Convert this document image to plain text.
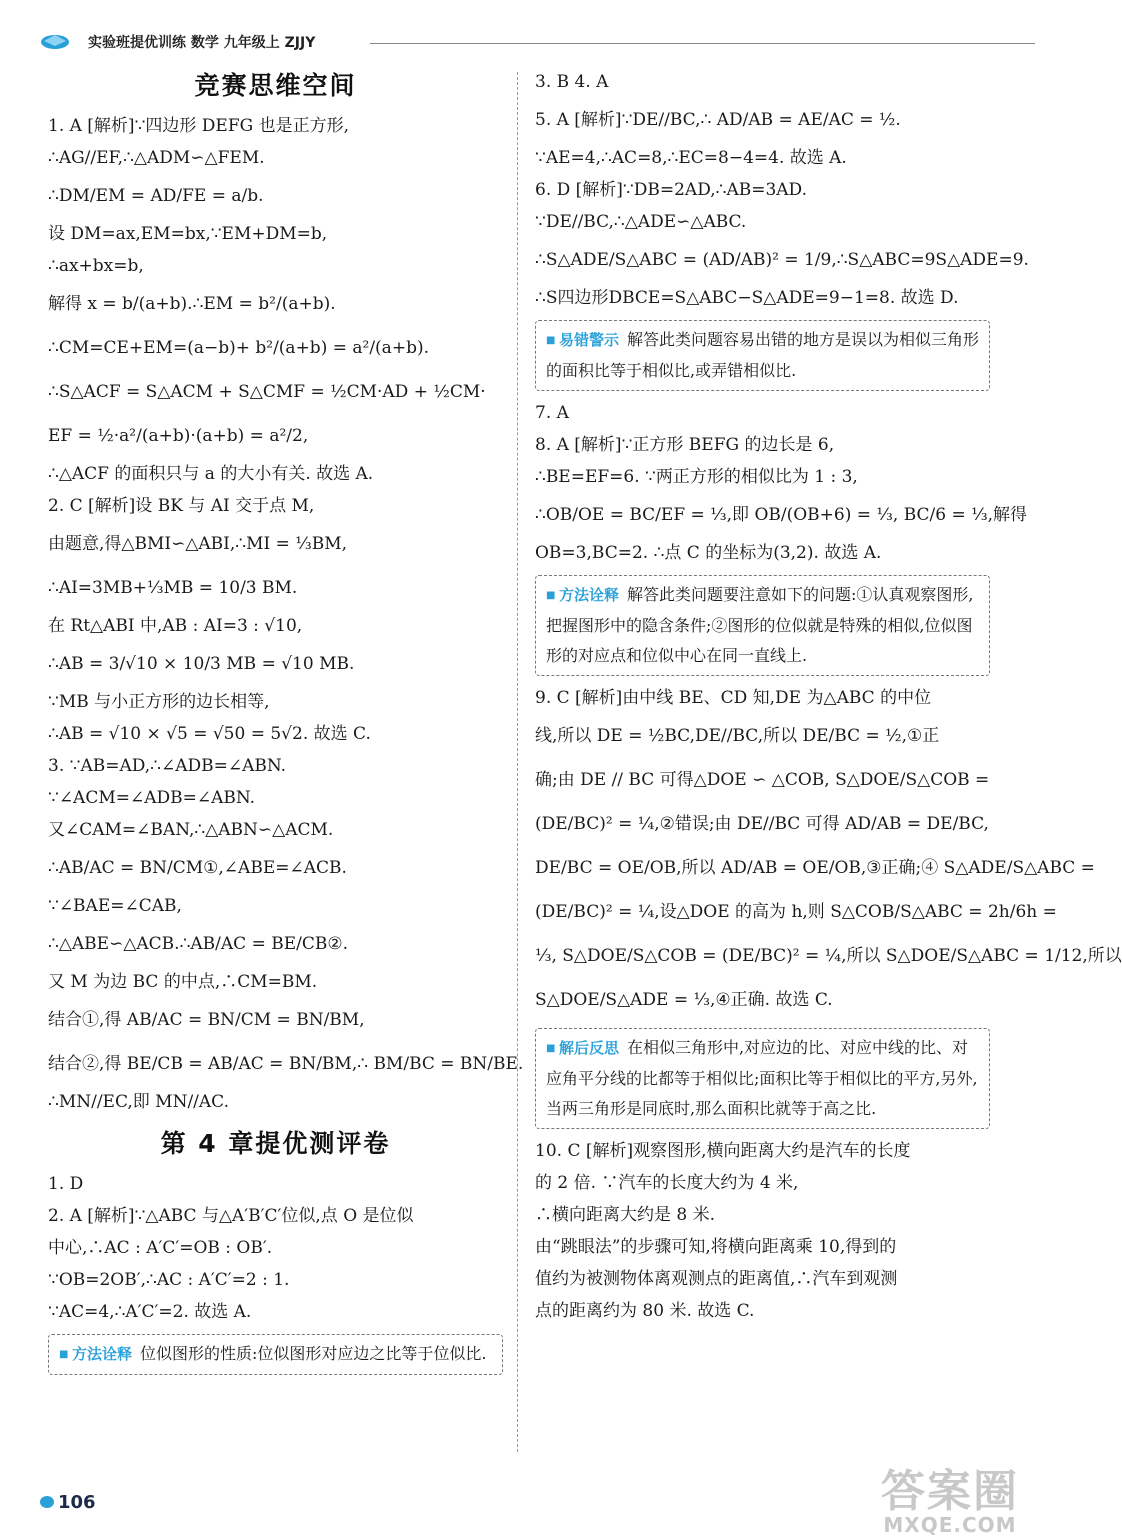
实验班提优训练 数学 九年级上 ZJJY
竞赛思维空间
1. A [解析]∵四边形 DEFG 也是正方形,
∴AG//EF,∴△ADM∽△FEM.
∴DM/EM = AD/FE = a/b.
设 DM=ax,EM=bx,∵EM+DM=b,
∴ax+bx=b,
解得 x = b/(a+b).∴EM = b²/(a+b).
∴CM=CE+EM=(a−b)+ b²/(a+b) = a²/(a+b).
∴S△ACF = S△ACM + S△CMF = ½CM·AD + ½CM·
EF = ½·a²/(a+b)·(a+b) = a²/2,
∴△ACF 的面积只与 a 的大小有关. 故选 A.
2. C [解析]设 BK 与 AI 交于点 M,
由题意,得△BMI∽△ABI,∴MI = ⅓BM,
∴AI=3MB+⅓MB = 10/3 BM.
在 Rt△ABI 中,AB : AI=3 : √10,
∴AB = 3/√10 × 10/3 MB = √10 MB.
∵MB 与小正方形的边长相等,
∴AB = √10 × √5 = √50 = 5√2. 故选 C.
3. ∵AB=AD,∴∠ADB=∠ABN.
∵∠ACM=∠ADB=∠ABN.
又∠CAM=∠BAN,∴△ABN∽△ACM.
∴AB/AC = BN/CM①,∠ABE=∠ACB.
∵∠BAE=∠CAB,
∴△ABE∽△ACB.∴AB/AC = BE/CB②.
又 M 为边 BC 的中点,∴CM=BM.
结合①,得 AB/AC = BN/CM = BN/BM,
结合②,得 BE/CB = AB/AC = BN/BM,∴ BM/BC = BN/BE.
∴MN//EC,即 MN//AC.
第 4 章提优测评卷
1. D
2. A [解析]∵△ABC 与△A′B′C′位似,点 O 是位似
中心,∴AC : A′C′=OB : OB′.
∵OB=2OB′,∴AC : A′C′=2 : 1.
∵AC=4,∴A′C′=2. 故选 A.
■ 方法诠释 位似图形的性质:位似图形对应边之比等于位似比.
3. B 4. A
5. A [解析]∵DE//BC,∴ AD/AB = AE/AC = ½.
∵AE=4,∴AC=8,∴EC=8−4=4. 故选 A.
6. D [解析]∵DB=2AD,∴AB=3AD.
∵DE//BC,∴△ADE∽△ABC.
∴S△ADE/S△ABC = (AD/AB)² = 1/9,∴S△ABC=9S△ADE=9.
∴S四边形DBCE=S△ABC−S△ADE=9−1=8. 故选 D.
■ 易错警示 解答此类问题容易出错的地方是误以为相似三角形的面积比等于相似比,或弄错相似比.
7. A
8. A [解析]∵正方形 BEFG 的边长是 6,
∴BE=EF=6. ∵两正方形的相似比为 1 : 3,
∴OB/OE = BC/EF = ⅓,即 OB/(OB+6) = ⅓, BC/6 = ⅓,解得
OB=3,BC=2. ∴点 C 的坐标为(3,2). 故选 A.
■ 方法诠释 解答此类问题要注意如下的问题:①认真观察图形,把握图形中的隐含条件;②图形的位似就是特殊的相似,位似图形的对应点和位似中心在同一直线上.
9. C [解析]由中线 BE、CD 知,DE 为△ABC 的中位
线,所以 DE = ½BC,DE//BC,所以 DE/BC = ½,①正
确;由 DE // BC 可得△DOE ∽ △COB, S△DOE/S△COB =
(DE/BC)² = ¼,②错误;由 DE//BC 可得 AD/AB = DE/BC,
DE/BC = OE/OB,所以 AD/AB = OE/OB,③正确;④ S△ADE/S△ABC =
(DE/BC)² = ¼,设△DOE 的高为 h,则 S△COB/S△ABC = 2h/6h =
⅓, S△DOE/S△COB = (DE/BC)² = ¼,所以 S△DOE/S△ABC = 1/12,所以
S△DOE/S△ADE = ⅓,④正确. 故选 C.
■ 解后反思 在相似三角形中,对应边的比、对应中线的比、对应角平分线的比都等于相似比;面积比等于相似比的平方,另外,当两三角形是同底时,那么面积比就等于高之比.
10. C [解析]观察图形,横向距离大约是汽车的长度
的 2 倍. ∵汽车的长度大约为 4 米,
∴横向距离大约是 8 米.
由“跳眼法”的步骤可知,将横向距离乘 10,得到的
值约为被测物体离观测点的距离值,∴汽车到观测
点的距离约为 80 米. 故选 C.
106	答案圈
MXQE.COM
